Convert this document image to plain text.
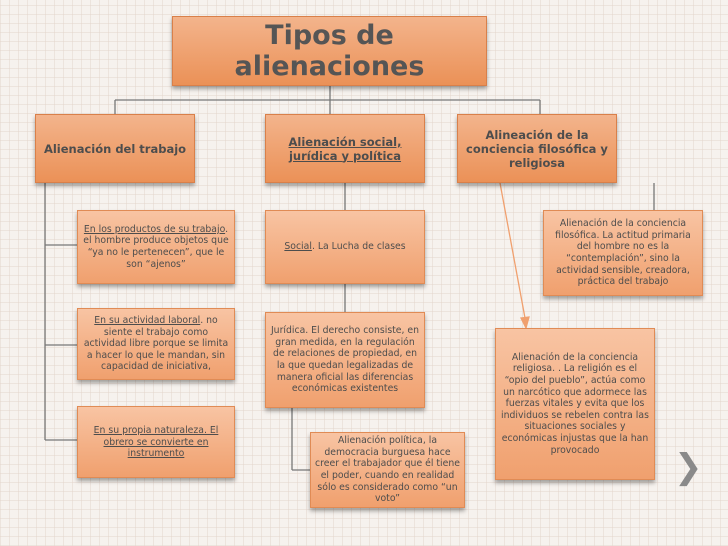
Tipos de alienaciones
Alienación del trabajo	Alienación social, jurídica y política
Alineación de la conciencia filosófica y religiosa
En los productos de su trabajo. el hombre produce objetos que “ya no le pertenecen”, que le son “ajenos”
En su actividad laboral. no siente el trabajo como actividad libre porque se limita a hacer lo que le mandan, sin capacidad de iniciativa,
En su propia naturaleza. El obrero se convierte en instrumento
Social. La Lucha de clases
Jurídica. El derecho consiste, en gran medida, en la regulación de relaciones de propiedad, en la que quedan legalizadas de manera oficial las diferencias económicas existentes
Alienación política, la democracia burguesa hace creer el trabajador que él tiene el poder, cuando en realidad sólo es considerado como “un voto”
Alienación de la conciencia filosófica. La actitud primaria del hombre no es la “contemplación”, sino la actividad sensible, creadora, práctica del trabajo
Alienación de la conciencia religiosa. . La religión es el “opio del pueblo”, actúa como un narcótico que adormece las fuerzas vitales y evita que los individuos se rebelen contra las situaciones sociales y económicas injustas que la han provocado	❯
